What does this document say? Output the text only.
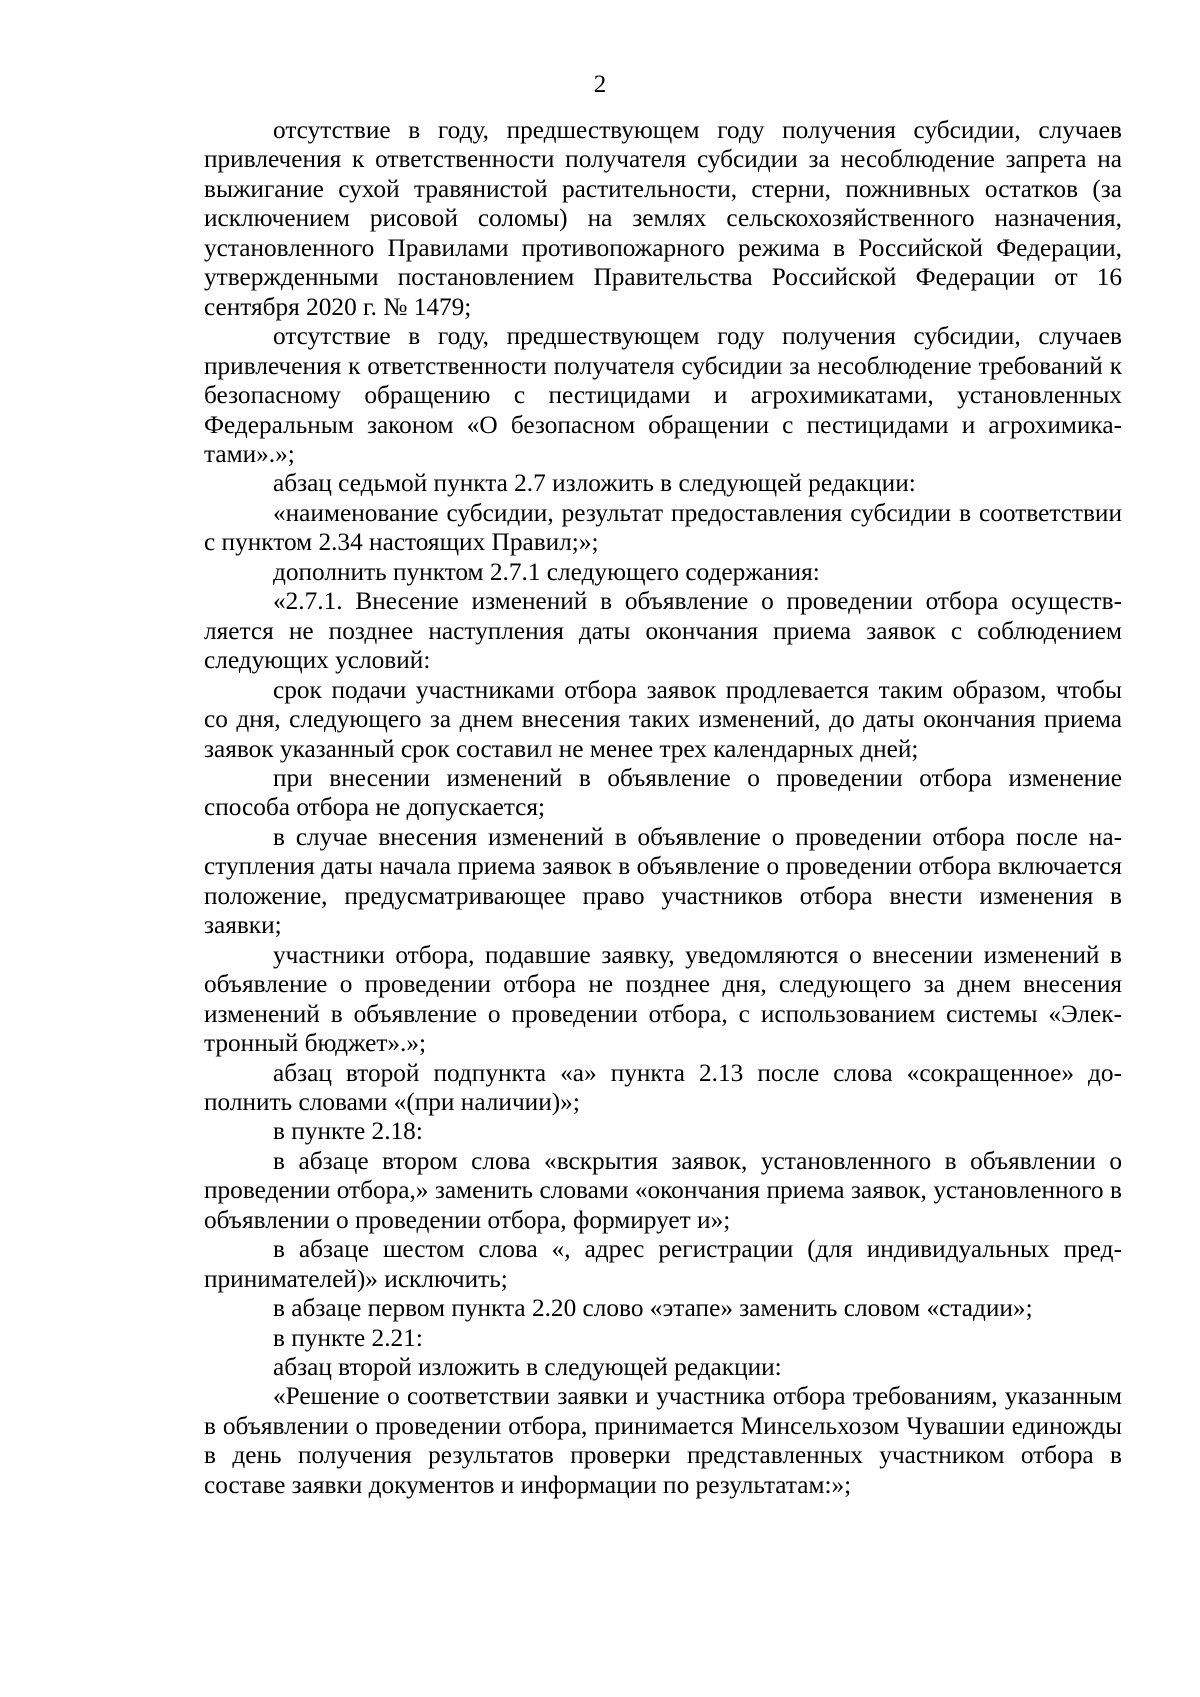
2

отсутствие в году, предшествующем году получения субсидии, случаев привлечения к ответственности получателя субсидии за несоблюдение запрета на выжигание сухой травянистой растительности, стерни, пожнивных остатков (за исключением рисовой соломы) на землях сельскохозяйственного назначения, установленного Правилами противопожарного режима в Российской Федерации, утвержденными постановлением Правительства Российской Федерации от 16 сентября 2020 г. № 1479;

отсутствие в году, предшествующем году получения субсидии, случаев привлечения к ответственности получателя субсидии за несоблюдение требований к безопасному обращению с пестицидами и агрохимикатами, установленных Федеральным законом «О безопасном обращении с пестицидами и агрохимикатами».»;

абзац седьмой пункта 2.7 изложить в следующей редакции:

«наименование субсидии, результат предоставления субсидии в соответствии с пунктом 2.34 настоящих Правил;»;

дополнить пунктом 2.7.1 следующего содержания:

«2.7.1. Внесение изменений в объявление о проведении отбора осуществляется не позднее наступления даты окончания приема заявок с соблюдением следующих условий:

срок подачи участниками отбора заявок продлевается таким образом, чтобы со дня, следующего за днем внесения таких изменений, до даты окончания приема заявок указанный срок составил не менее трех календарных дней;

при внесении изменений в объявление о проведении отбора изменение способа отбора не допускается;

в случае внесения изменений в объявление о проведении отбора после наступления даты начала приема заявок в объявление о проведении отбора включается положение, предусматривающее право участников отбора внести изменения в заявки;

участники отбора, подавшие заявку, уведомляются о внесении изменений в объявление о проведении отбора не позднее дня, следующего за днем внесения изменений в объявление о проведении отбора, с использованием системы «Электронный бюджет».»;

абзац второй подпункта «а» пункта 2.13 после слова «сокращенное» дополнить словами «(при наличии)»;

в пункте 2.18:

в абзаце втором слова «вскрытия заявок, установленного в объявлении о проведении отбора,» заменить словами «окончания приема заявок, установленного в объявлении о проведении отбора, формирует и»;

в абзаце шестом слова «, адрес регистрации (для индивидуальных предпринимателей)» исключить;

в абзаце первом пункта 2.20 слово «этапе» заменить словом «стадии»;

в пункте 2.21:

абзац второй изложить в следующей редакции:

«Решение о соответствии заявки и участника отбора требованиям, указанным в объявлении о проведении отбора, принимается Минсельхозом Чувашии единожды в день получения результатов проверки представленных участником отбора в составе заявки документов и информации по результатам:»;
